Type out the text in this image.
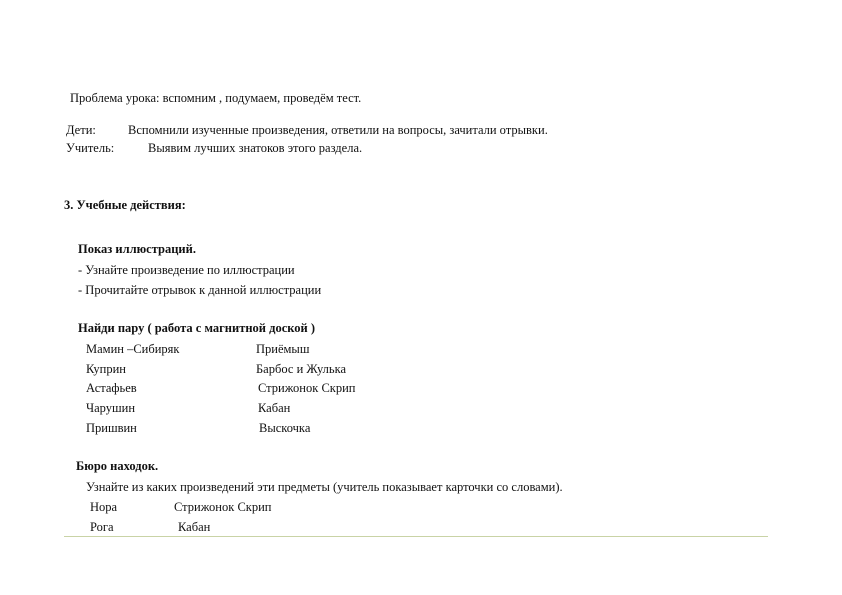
Проблема урока: вспомним , подумаем, проведём тест.
Дети:	Вспомнили изученные произведения, ответили на вопросы, зачитали отрывки.
Учитель:	Выявим лучших знатоков этого раздела.
3. Учебные действия:
Показ иллюстраций.
- Узнайте произведение по иллюстрации
- Прочитайте отрывок к данной иллюстрации
Найди пару ( работа с магнитной доской )
Мамин –Сибиряк	Приёмыш
Куприн	Барбос и Жулька
Астафьев	Стрижонок Скрип
Чарушин	Кабан
Пришвин	Выскочка
Бюро находок.
Узнайте из каких произведений эти предметы (учитель показывает карточки со словами).
Нора	Стрижонок Скрип
Рога	Кабан
